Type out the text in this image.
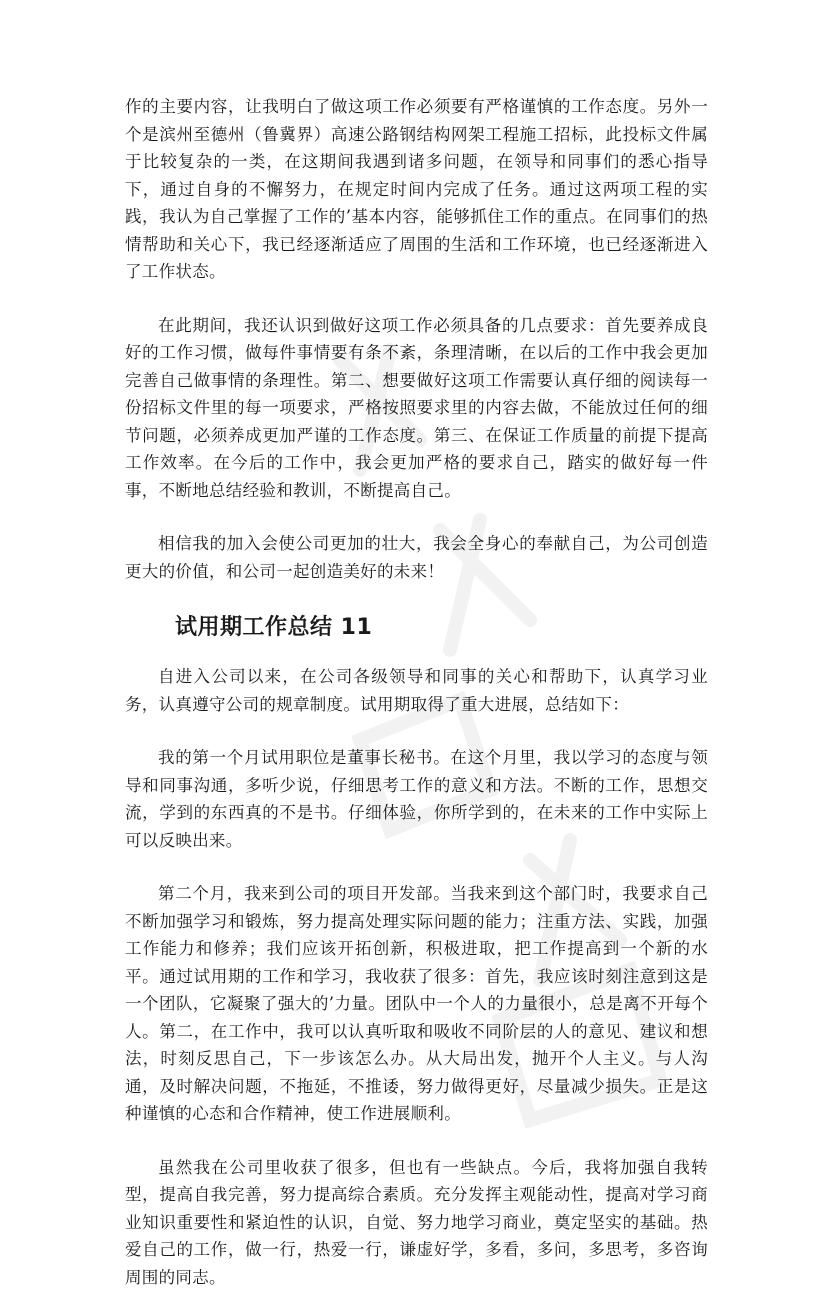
作的主要内容，让我明白了做这项工作必须要有严格谨慎的工作态度。另外一个是滨州至德州（鲁冀界）高速公路钢结构网架工程施工招标，此投标文件属于比较复杂的一类，在这期间我遇到诸多问题，在领导和同事们的悉心指导下，通过自身的不懈努力，在规定时间内完成了任务。通过这两项工程的实践，我认为自己掌握了工作的’基本内容，能够抓住工作的重点。在同事们的热情帮助和关心下，我已经逐渐适应了周围的生活和工作环境，也已经逐渐进入了工作状态。

在此期间，我还认识到做好这项工作必须具备的几点要求：首先要养成良好的工作习惯，做每件事情要有条不紊，条理清晰，在以后的工作中我会更加完善自己做事情的条理性。第二、想要做好这项工作需要认真仔细的阅读每一份招标文件里的每一项要求，严格按照要求里的内容去做，不能放过任何的细节问题，必须养成更加严谨的工作态度。第三、在保证工作质量的前提下提高工作效率。在今后的工作中，我会更加严格的要求自己，踏实的做好每一件事，不断地总结经验和教训，不断提高自己。

相信我的加入会使公司更加的壮大，我会全身心的奉献自己，为公司创造更大的价值，和公司一起创造美好的未来！

试用期工作总结 11

自进入公司以来，在公司各级领导和同事的关心和帮助下，认真学习业务，认真遵守公司的规章制度。试用期取得了重大进展，总结如下：

我的第一个月试用职位是董事长秘书。在这个月里，我以学习的态度与领导和同事沟通，多听少说，仔细思考工作的意义和方法。不断的工作，思想交流，学到的东西真的不是书。仔细体验，你所学到的，在未来的工作中实际上可以反映出来。

第二个月，我来到公司的项目开发部。当我来到这个部门时，我要求自己不断加强学习和锻炼，努力提高处理实际问题的能力；注重方法、实践，加强工作能力和修养；我们应该开拓创新，积极进取，把工作提高到一个新的水平。通过试用期的工作和学习，我收获了很多：首先，我应该时刻注意到这是一个团队，它凝聚了强大的’力量。团队中一个人的力量很小，总是离不开每个人。第二，在工作中，我可以认真听取和吸收不同阶层的人的意见、建议和想法，时刻反思自己，下一步该怎么办。从大局出发，抛开个人主义。与人沟通，及时解决问题，不拖延，不推诿，努力做得更好，尽量减少损失。正是这种谨慎的心态和合作精神，使工作进展顺利。

虽然我在公司里收获了很多，但也有一些缺点。今后，我将加强自我转型，提高自我完善，努力提高综合素质。充分发挥主观能动性，提高对学习商业知识重要性和紧迫性的认识，自觉、努力地学习商业，奠定坚实的基础。热爱自己的工作，做一行，热爱一行，谦虚好学，多看，多问，多思考，多咨询周围的同志。
